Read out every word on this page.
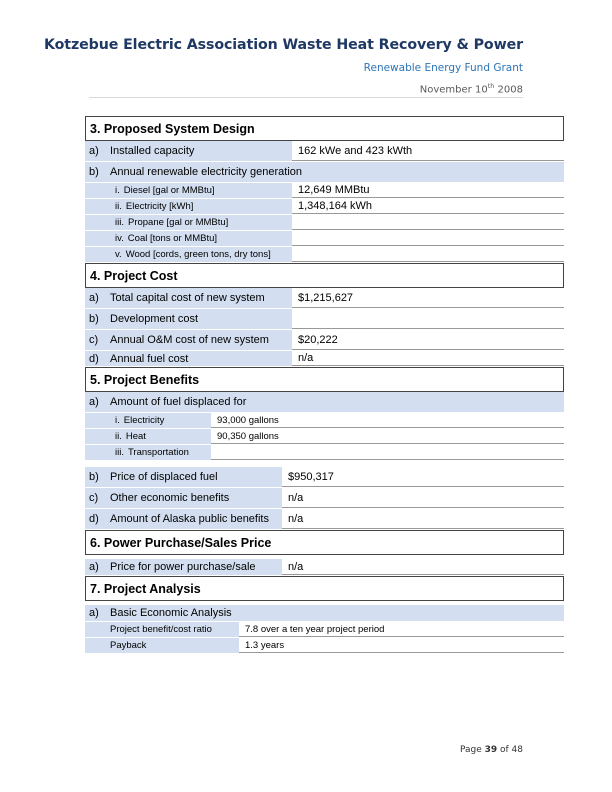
Kotzebue Electric Association Waste Heat Recovery & Power
Renewable Energy Fund Grant
November 10th 2008
3. Proposed System Design
a) Installed capacity	162 kWe and 423 kWth
b) Annual renewable electricity generation
i. Diesel [gal or MMBtu]	12,649 MMBtu
ii. Electricity [kWh]	1,348,164 kWh
iii. Propane [gal or MMBtu]
iv. Coal [tons or MMBtu]
v. Wood [cords, green tons, dry tons]
4. Project Cost
a) Total capital cost of new system	$1,215,627
b) Development cost
c) Annual O&M cost of new system	$20,222
d) Annual fuel cost	n/a
5. Project Benefits
a) Amount of fuel displaced for
i. Electricity	93,000 gallons
ii. Heat	90,350 gallons
iii. Transportation
b) Price of displaced fuel	$950,317
c) Other economic benefits	n/a
d) Amount of Alaska public benefits	n/a
6. Power Purchase/Sales Price
a) Price for power purchase/sale	n/a
7. Project Analysis
a) Basic Economic Analysis
Project benefit/cost ratio	7.8 over a ten year project period
Payback	1.3 years
Page 39 of 48
